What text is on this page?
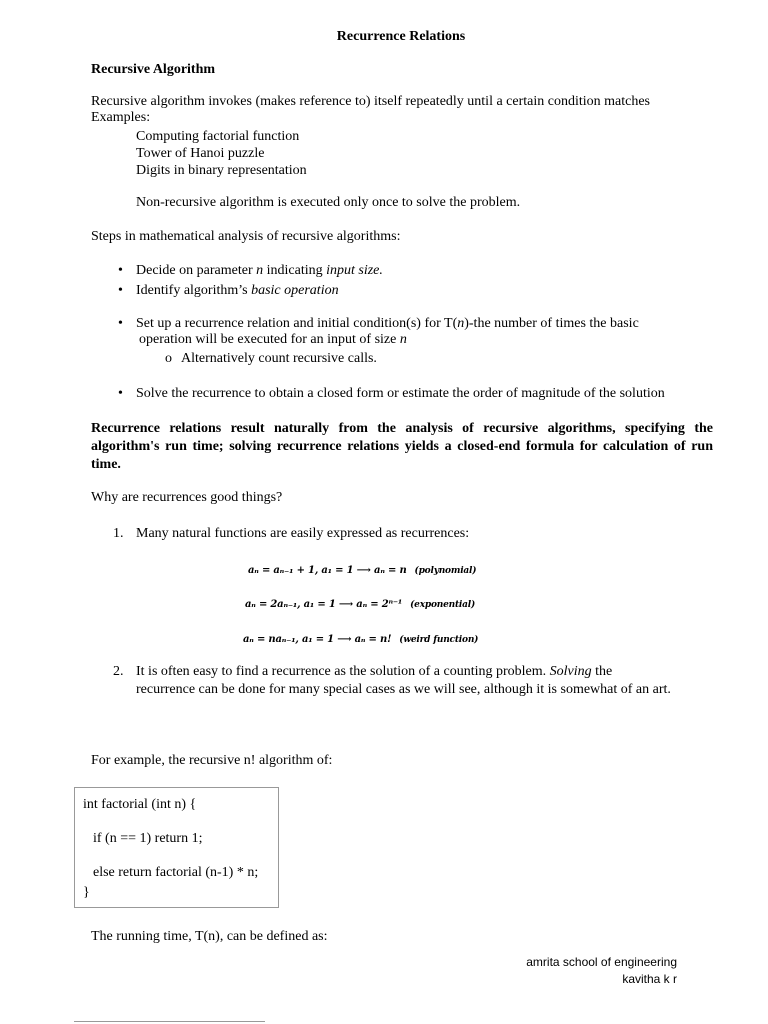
Recurrence Relations
Recursive Algorithm
Recursive algorithm invokes (makes reference to) itself repeatedly until a certain condition matches
Examples:
Computing factorial function
Tower of Hanoi puzzle
Digits in binary representation
Non-recursive algorithm is executed only once to solve the problem.
Steps in mathematical analysis of recursive algorithms:
• Decide on parameter n indicating input size.
• Identify algorithm’s basic operation
• Set up a recurrence relation and initial condition(s) for T(n)-the number of times the basic
operation will be executed for an input of size n
o Alternatively count recursive calls.
• Solve the recurrence to obtain a closed form or estimate the order of magnitude of the solution
Recurrence relations result naturally from the analysis of recursive algorithms, specifying the algorithm's run time; solving recurrence relations yields a closed-end formula for calculation of run time.
Why are recurrences good things?
1. Many natural functions are easily expressed as recurrences:
aₙ = aₙ₋₁ + 1, a₁ = 1 ⟶ aₙ = n (polynomial)
aₙ = 2aₙ₋₁, a₁ = 1 ⟶ aₙ = 2ⁿ⁻¹ (exponential)
aₙ = naₙ₋₁, a₁ = 1 ⟶ aₙ = n! (weird function)
2. It is often easy to find a recurrence as the solution of a counting problem. Solving the
recurrence can be done for many special cases as we will see, although it is somewhat of an art.
For example, the recursive n! algorithm of:
int factorial (int n) {
if (n == 1) return 1;
else return factorial (n-1) * n;
}
The running time, T(n), can be defined as:
amrita school of engineering
kavitha k r
